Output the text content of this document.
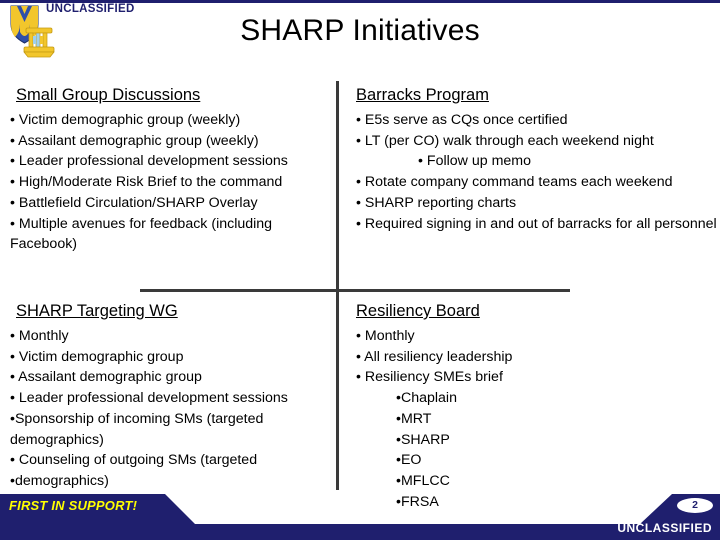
UNCLASSIFIED
SHARP Initiatives
Small Group Discussions
• Victim demographic group (weekly)
• Assailant demographic group (weekly)
• Leader professional development sessions
• High/Moderate Risk Brief to the command
• Battlefield Circulation/SHARP Overlay
• Multiple avenues for feedback (including Facebook)
Barracks Program
• E5s serve as CQs once certified
• LT (per CO) walk through each weekend night
• Follow up memo
• Rotate company command teams each weekend
• SHARP reporting charts
• Required signing in and out of barracks for all personnel
SHARP Targeting WG
• Monthly
• Victim demographic group
• Assailant demographic group
• Leader professional development sessions
•Sponsorship of incoming SMs (targeted demographics)
• Counseling of outgoing SMs (targeted
•demographics)
Resiliency Board
• Monthly
• All resiliency leadership
• Resiliency SMEs brief
•Chaplain
•MRT
•SHARP
•EO
•MFLCC
•FRSA
FIRST IN SUPPORT!	2
UNCLASSIFIED
